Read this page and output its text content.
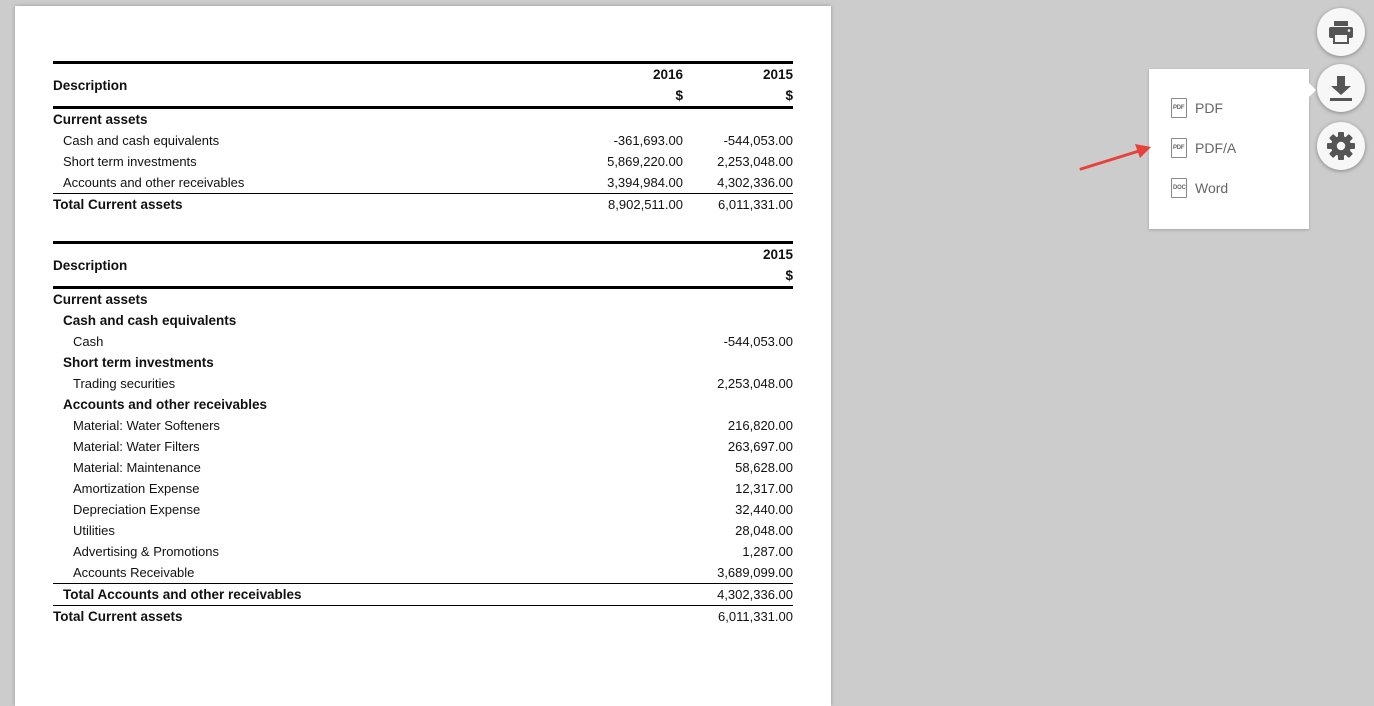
Description	2016	2015
	$	$
Current assets		
Cash and cash equivalents	-361,693.00	-544,053.00
Short term investments	5,869,220.00	2,253,048.00
Accounts and other receivables	3,394,984.00	4,302,336.00
Total Current assets	8,902,511.00	6,011,331.00
Description	2015
	$
Current assets	
Cash and cash equivalents	
Cash	-544,053.00
Short term investments	
Trading securities	2,253,048.00
Accounts and other receivables	
Material: Water Softeners	216,820.00
Material: Water Filters	263,697.00
Material: Maintenance	58,628.00
Amortization Expense	12,317.00
Depreciation Expense	32,440.00
Utilities	28,048.00
Advertising & Promotions	1,287.00
Accounts Receivable	3,689,099.00
Total Accounts and other receivables	4,302,336.00
Total Current assets	6,011,331.00
PDF PDF
PDF PDF/A
DOC Word
